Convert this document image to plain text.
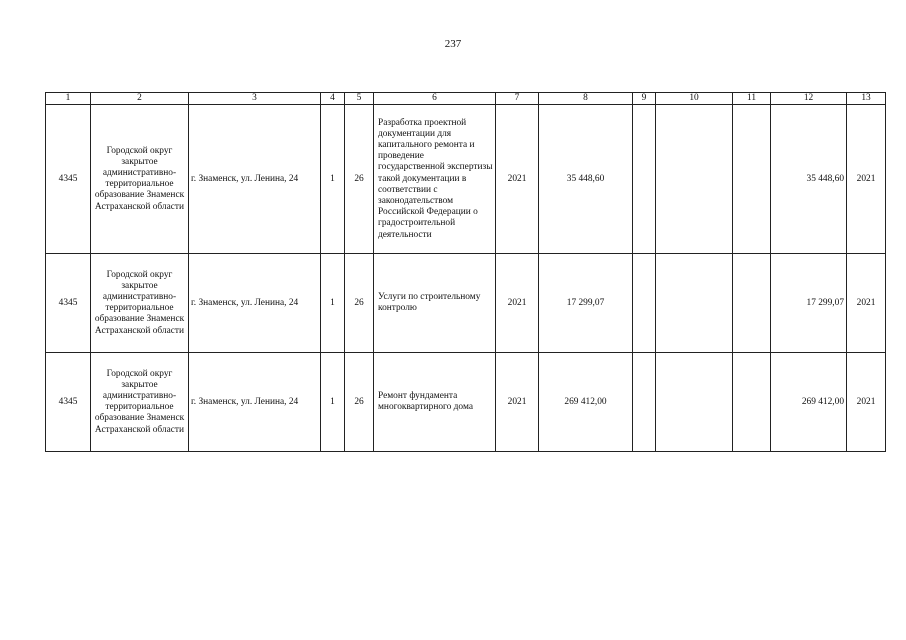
237
1	2	3	4	5	6	7	8	9	10	11	12	13
4345	Городской округ закрытое административно-территориальное образование Знаменск Астраханской области	г. Знаменск, ул. Ленина, 24	1	26	Разработка проектной документации для капитального ремонта и проведение государственной экспертизы такой документации в соответствии с законодательством Российской Федерации о градостроительной деятельности	2021	35 448,60				35 448,60	2021
4345	Городской округ закрытое административно-территориальное образование Знаменск Астраханской области	г. Знаменск, ул. Ленина, 24	1	26	Услуги по строительному контролю	2021	17 299,07				17 299,07	2021
4345	Городской округ закрытое административно-территориальное образование Знаменск Астраханской области	г. Знаменск, ул. Ленина, 24	1	26	Ремонт фундамента многоквартирного дома	2021	269 412,00				269 412,00	2021
